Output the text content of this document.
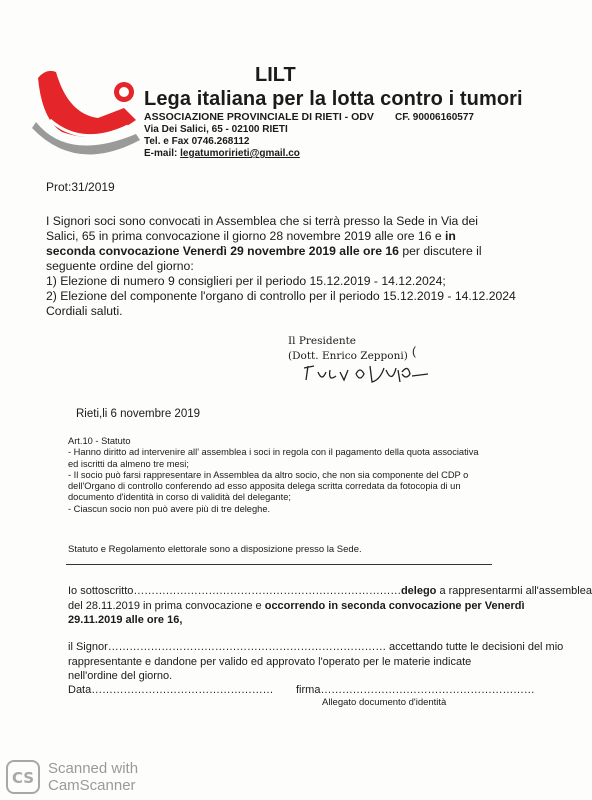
LILT
Lega italiana per la lotta contro i tumori
ASSOCIAZIONE PROVINCIALE DI RIETI - ODV CF. 90006160577
Via Dei Salici, 65 - 02100 RIETI
Tel. e Fax 0746.268112
E-mail: legatumoririeti@gmail.co
Prot:31/2019
I Signori soci sono convocati in Assemblea che si terrà presso la Sede in Via dei
Salici, 65 in prima convocazione il giorno 28 novembre 2019 alle ore 16 e in
seconda convocazione Venerdì 29 novembre 2019 alle ore 16 per discutere il
seguente ordine del giorno:
1) Elezione di numero 9 consiglieri per il periodo 15.12.2019 - 14.12.2024;
2) Elezione del componente l'organo di controllo per il periodo 15.12.2019 - 14.12.2024
Cordiali saluti.
Il Presidente
(Dott. Enrico Zepponi) (
Rieti,li 6 novembre 2019
Art.10 - Statuto
- Hanno diritto ad intervenire all' assemblea i soci in regola con il pagamento della quota associativa
ed iscritti da almeno tre mesi;
- Il socio può farsi rappresentare in Assemblea da altro socio, che non sia componente del CDP o
dell'Organo di controllo conferendo ad esso apposita delega scritta corredata da fotocopia di un
documento d'identità in corso di validità del delegante;
- Ciascun socio non può avere più di tre deleghe.
Statuto e Regolamento elettorale sono a disposizione presso la Sede.
Io sottoscritto…………………………………………………………………delego a rappresentarmi all'assemblea
del 28.11.2019 in prima convocazione e occorrendo in seconda convocazione per Venerdì
29.11.2019 alle ore 16,
il Signor…………………………………………………………………… accettando tutte le decisioni del mio
rappresentante e dandone per valido ed approvato l'operato per le materie indicate
nell'ordine del giorno.
Data…………………………………………… firma……………………………………………………
Allegato documento d'identità
CS
Scanned with
CamScanner
